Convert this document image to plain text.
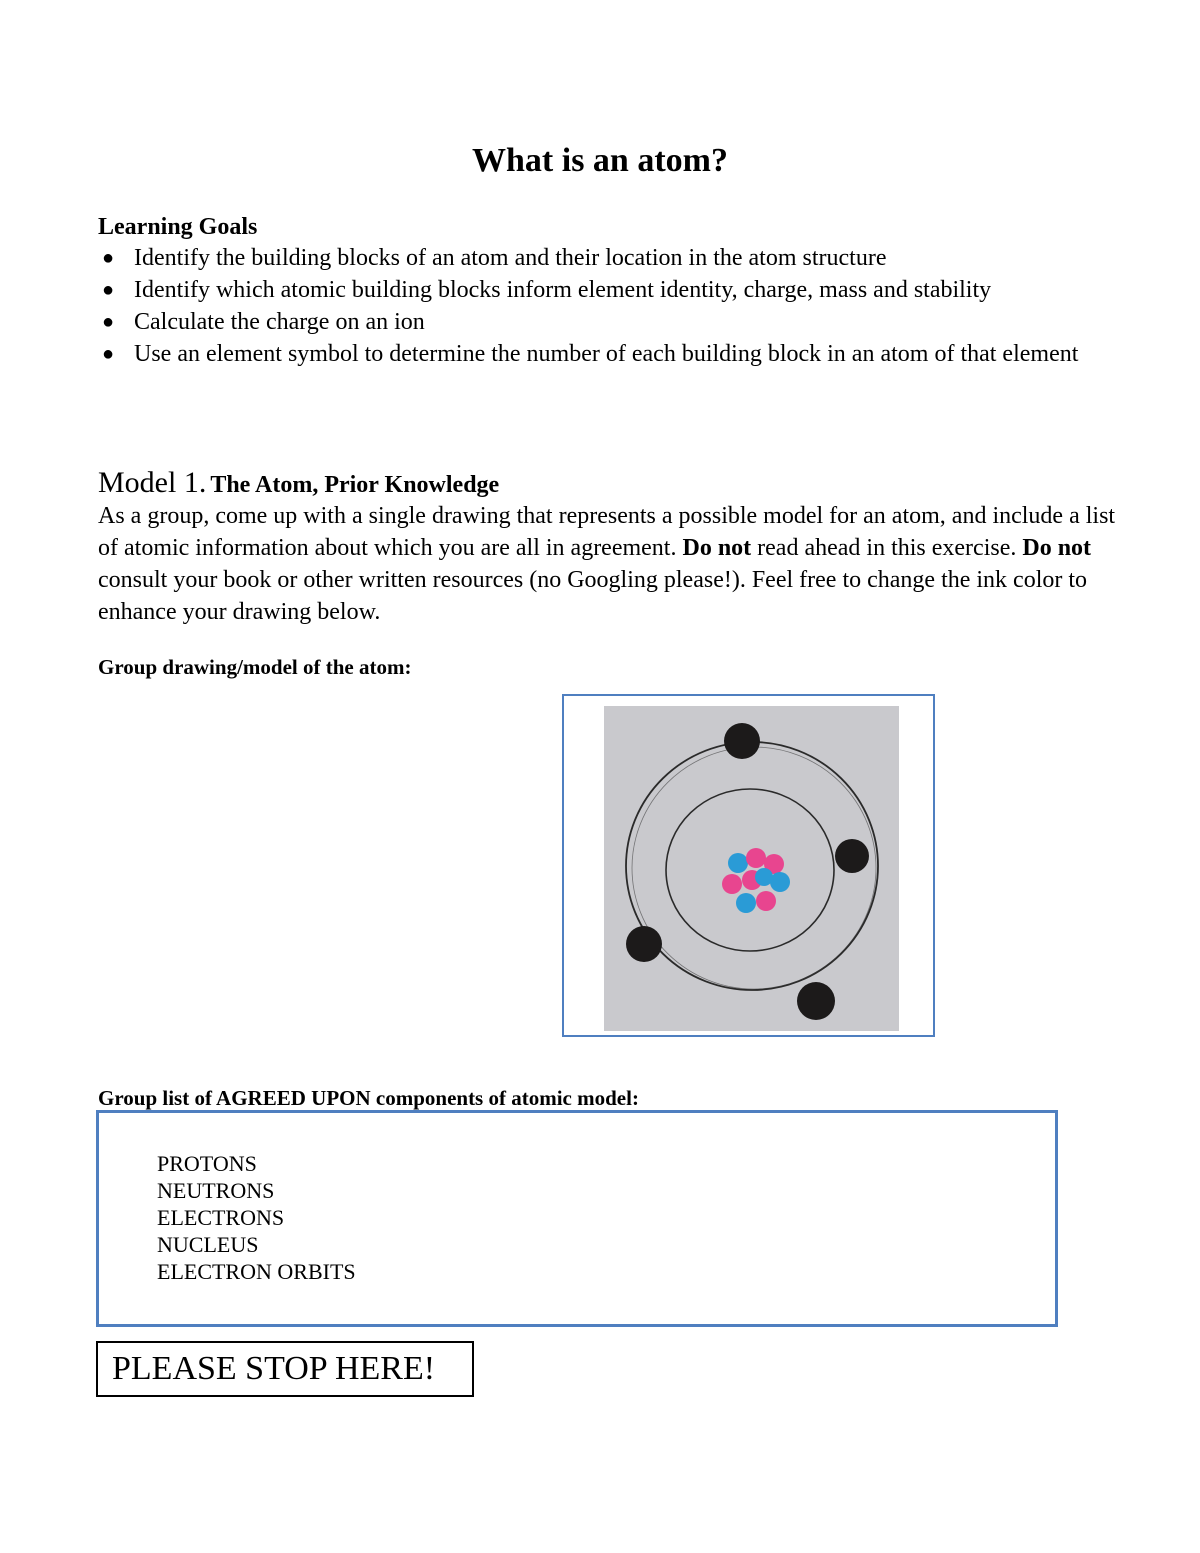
What is an atom?
Learning Goals
● Identify the building blocks of an atom and their location in the atom structure
● Identify which atomic building blocks inform element identity, charge, mass and stability
● Calculate the charge on an ion
● Use an element symbol to determine the number of each building block in an atom of that element
Model 1. The Atom, Prior Knowledge
As a group, come up with a single drawing that represents a possible model for an atom, and include a list of atomic information about which you are all in agreement. Do not read ahead in this exercise. Do not consult your book or other written resources (no Googling please!). Feel free to change the ink color to enhance your drawing below.
Group drawing/model of the atom:
Group list of AGREED UPON components of atomic model:
PROTONS
NEUTRONS
ELECTRONS
NUCLEUS
ELECTRON ORBITS
PLEASE STOP HERE!
